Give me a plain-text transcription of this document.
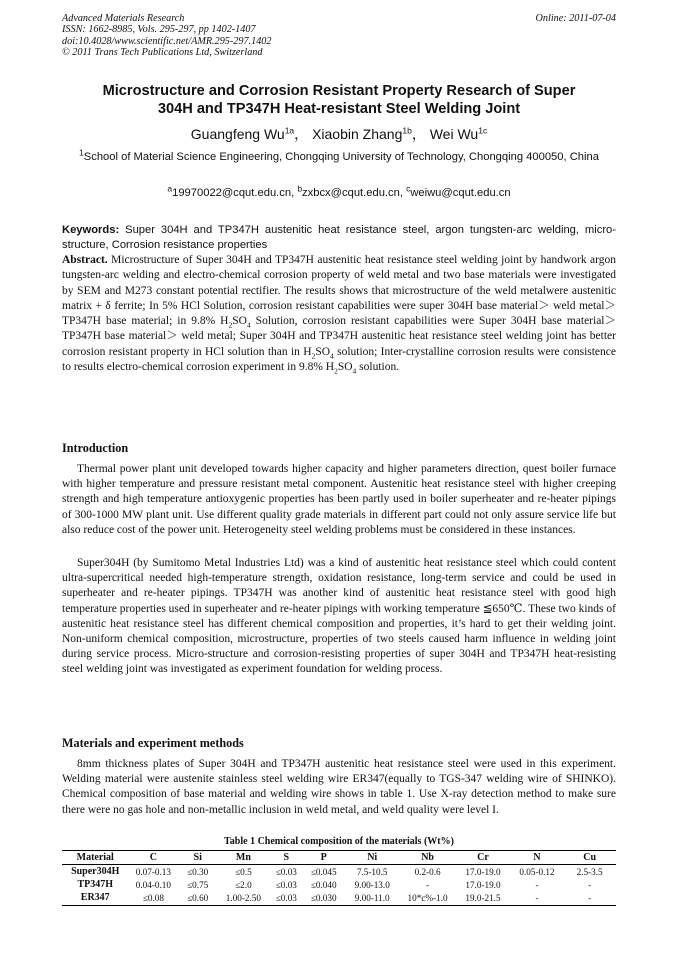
Advanced Materials Research
ISSN: 1662-8985, Vols. 295-297, pp 1402-1407
doi:10.4028/www.scientific.net/AMR.295-297.1402
© 2011 Trans Tech Publications Ltd, Switzerland
Online: 2011-07-04
Microstructure and Corrosion Resistant Property Research of Super
304H and TP347H Heat-resistant Steel Welding Joint
Guangfeng $Wu^{1a}$， Xiaobin Zhang$^{1b}$， Wei $Wu^{1c}$
$^1$School of Material Science Engineering, Chongqing University of Technology, Chongqing 400050, China
$^a$19970022@cqut.edu.cn, $^b$zxbcx@cqut.edu.cn, $^c$weiwu@cqut.edu.cn
Keywords: Super 304H and TP347H austenitic heat resistance steel, argon tungsten-arc welding, micro-structure, Corrosion resistance properties
Abstract. Microstructure of Super 304H and TP347H austenitic heat resistance steel welding joint by handwork argon tungsten-arc welding and electro-chemical corrosion property of weld metal and two base materials were investigated by SEM and M273 constant potential rectifier. The results shows that microstructure of the weld metalwere austenitic matrix + δ ferrite; In 5% HCl Solution, corrosion resistant capabilities were super 304H base material＞ weld metal＞TP347H base material; in 9.8% $H_2SO_4$ Solution, corrosion resistant capabilities were Super 304H base material＞TP347H base material＞ weld metal; Super 304H and TP347H austenitic heat resistance steel welding joint has better corrosion resistant property in HCl solution than in $H_2SO_4$ solution; Inter-crystalline corrosion results were consistence to results electro-chemical corrosion experiment in 9.8% $H_2SO_4$ solution.
Introduction
Thermal power plant unit developed towards higher capacity and higher parameters direction, quest boiler furnace with higher temperature and pressure resistant metal component. Austenitic heat resistance steel with higher creeping strength and high temperature antioxygenic properties has been partly used in boiler superheater and re-heater pipings of 300-1000 MW plant unit. Use different quality grade materials in different part could not only assure service life but also reduce cost of the power unit. Heterogeneity steel welding problems must be considered in these instances.
Super304H (by Sumitomo Metal Industries Ltd) was a kind of austenitic heat resistance steel which could content ultra-supercritical needed high-temperature strength, oxidation resistance, long-term service and could be used in superheater and re-heater pipings. TP347H was another kind of austenitic heat resistance steel with good high temperature properties used in superheater and re-heater pipings with working temperature ≦650℃. These two kinds of austenitic heat resistance steel has different chemical composition and properties, it’s hard to get their welding joint. Non-uniform chemical composition, microstructure, properties of two steels caused harm influence in welding joint during service process. Micro-structure and corrosion-resisting properties of super 304H and TP347H heat-resisting steel welding joint was investigated as experiment foundation for welding process.
Materials and experiment methods
8mm thickness plates of Super 304H and TP347H austenitic heat resistance steel were used in this experiment. Welding material were austenite stainless steel welding wire ER347(equally to TGS-347 welding wire of SHINKO). Chemical composition of base material and welding wire shows in table 1. Use X-ray detection method to make sure there were no gas hole and non-metallic inclusion in weld metal, and weld quality were level I.
Table 1 Chemical composition of the materials (Wt%)
Material	C	Si	Mn	S	P	Ni	Nb	Cr	N	Cu
Super304H	0.07-0.13	≤0.30	≤0.5	≤0.03	≤0.045	7.5-10.5	0.2-0.6	17.0-19.0	0.05-0.12	2.5-3.5
TP347H	0.04-0.10	≤0.75	≤2.0	≤0.03	≤0.040	9.00-13.0	-	17.0-19.0	-	-
ER347	≤0.08	≤0.60	1.00-2.50	≤0.03	≤0.030	9.00-11.0	10*c%-1.0	19.0-21.5	-	-
